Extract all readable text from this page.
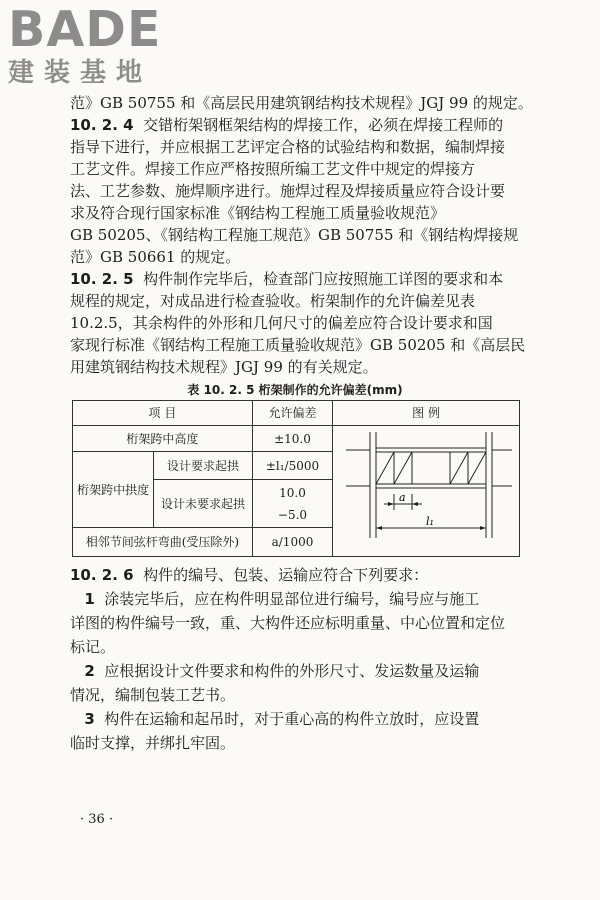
BADE
建装基地
范》GB 50755 和《高层民用建筑钢结构技术规程》JGJ 99 的规定。
10. 2. 4 交错桁架钢框架结构的焊接工作，必须在焊接工程师的
指导下进行，并应根据工艺评定合格的试验结构和数据，编制焊接
工艺文件。焊接工作应严格按照所编工艺文件中规定的焊接方
法、工艺参数、施焊顺序进行。施焊过程及焊接质量应符合设计要
求及符合现行国家标准《钢结构工程施工质量验收规范》
GB 50205、《钢结构工程施工规范》GB 50755 和《钢结构焊接规
范》GB 50661 的规定。
10. 2. 5 构件制作完毕后，检查部门应按照施工详图的要求和本
规程的规定，对成品进行检查验收。桁架制作的允许偏差见表
10.2.5，其余构件的外形和几何尺寸的偏差应符合设计要求和国
家现行标准《钢结构工程施工质量验收规范》GB 50205 和《高层民
用建筑钢结构技术规程》JGJ 99 的有关规定。
表 10. 2. 5 桁架制作的允许偏差(mm)
项 目		允许偏差	图 例
桁架跨中高度		±10.0	a
l₁

桁架跨中拱度	设计要求起拱	±l₁/5000	
	设计未要求起拱	10.0
−5.0	

相邻节间弦杆弯曲(受压除外)		a/1000	
10. 2. 6 构件的编号、包装、运输应符合下列要求：
1 涂装完毕后，应在构件明显部位进行编号，编号应与施工
详图的构件编号一致，重、大构件还应标明重量、中心位置和定位
标记。
2 应根据设计文件要求和构件的外形尺寸、发运数量及运输
情况，编制包装工艺书。
3 构件在运输和起吊时，对于重心高的构件立放时，应设置
临时支撑，并绑扎牢固。
· 36 ·
